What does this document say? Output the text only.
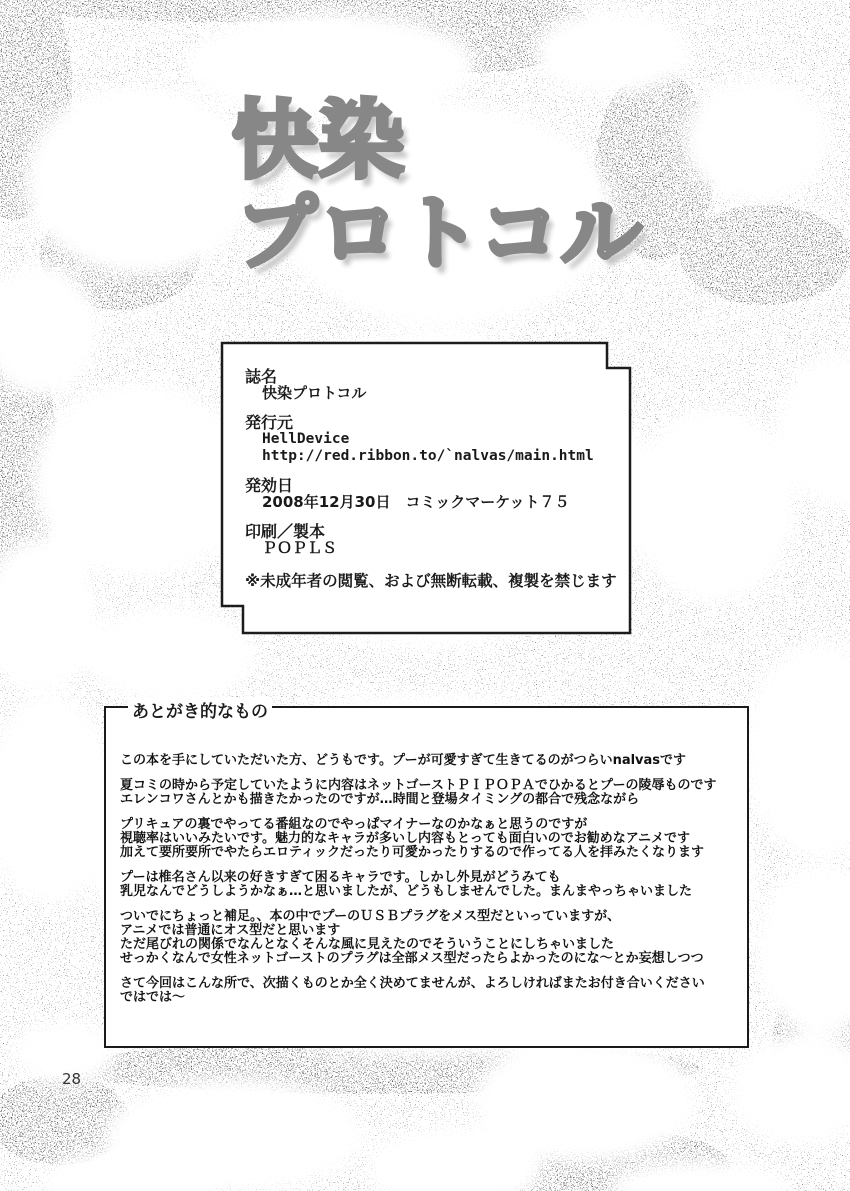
快染
プロトコル
誌名
快染プロトコル
発行元
HellDevice
http://red.ribbon.to/`nalvas/main.html
発効日
2008年12月30日　コミックマーケット７５
印刷／製本
ＰＯＰＬＳ
※未成年者の閲覧、および無断転載、複製を禁じます
あとがき的なもの
この本を手にしていただいた方、どうもです。プーが可愛すぎて生きてるのがつらいnalvasです
夏コミの時から予定していたように内容はネットゴーストＰＩＰＯＰＡでひかるとプーの陵辱ものです
エレンコワさんとかも描きたかったのですが…時間と登場タイミングの都合で残念ながら
プリキュアの裏でやってる番組なのでやっぱマイナーなのかなぁと思うのですが
視聴率はいいみたいです。魅力的なキャラが多いし内容もとっても面白いのでお勧めなアニメです
加えて要所要所でやたらエロティックだったり可愛かったりするので作ってる人を拝みたくなります
プーは椎名さん以来の好きすぎて困るキャラです。しかし外見がどうみても
乳児なんでどうしようかなぁ…と思いましたが、どうもしませんでした。まんまやっちゃいました
ついでにちょっと補足。、本の中でプーのＵＳＢプラグをメス型だといっていますが、
アニメでは普通にオス型だと思います
ただ尾びれの関係でなんとなくそんな風に見えたのでそういうことにしちゃいました
せっかくなんで女性ネットゴーストのプラグは全部メス型だったらよかったのにな～とか妄想しつつ
さて今回はこんな所で、次描くものとか全く決めてませんが、よろしければまたお付き合いください
ではでは～
28
